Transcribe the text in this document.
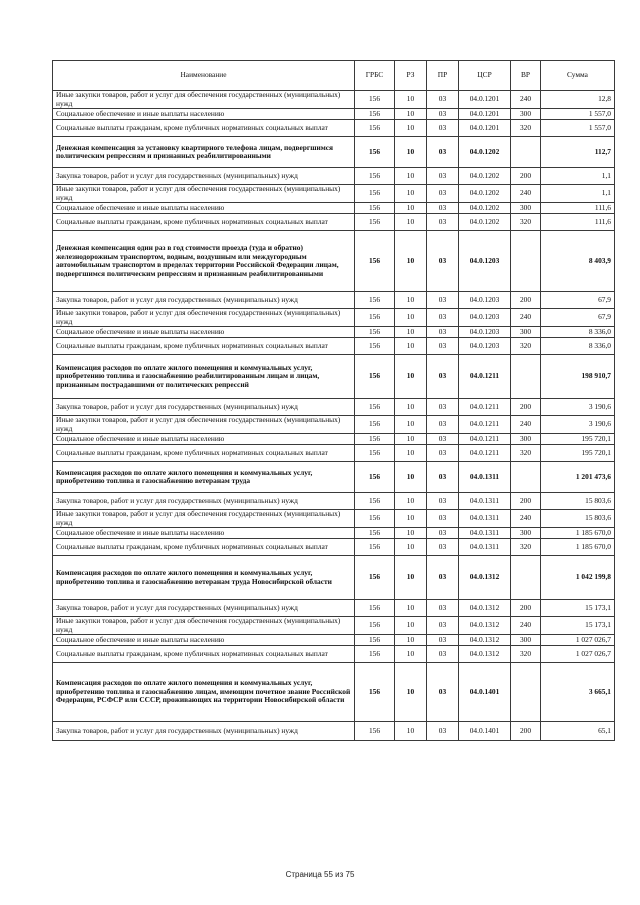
Наименование	ГРБС	РЗ	ПР	ЦСР	ВР	Сумма
Иные закупки товаров, работ и услуг для обеспечения государственных (муниципальных) нужд	156	10	03	04.0.1201	240	12,8
Социальное обеспечение и иные выплаты населению	156	10	03	04.0.1201	300	1 557,0
Социальные выплаты гражданам, кроме публичных нормативных социальных выплат	156	10	03	04.0.1201	320	1 557,0
Денежная компенсация за установку квартирного телефона лицам, подвергшимся политическим репрессиям и признанных реабилитированными	156	10	03	04.0.1202		112,7
Закупка товаров, работ и услуг для государственных (муниципальных) нужд	156	10	03	04.0.1202	200	1,1
Иные закупки товаров, работ и услуг для обеспечения государственных (муниципальных) нужд	156	10	03	04.0.1202	240	1,1
Социальное обеспечение и иные выплаты населению	156	10	03	04.0.1202	300	111,6
Социальные выплаты гражданам, кроме публичных нормативных социальных выплат	156	10	03	04.0.1202	320	111,6
Денежная компенсация один раз в год стоимости проезда (туда и обратно) железнодорожным транспортом, водным, воздушным или междугородным автомобильным транспортом в пределах территории Российской Федерации лицам, подвергшимся политическим репрессиям и признанным реабилитированными	156	10	03	04.0.1203		8 403,9
Закупка товаров, работ и услуг для государственных (муниципальных) нужд	156	10	03	04.0.1203	200	67,9
Иные закупки товаров, работ и услуг для обеспечения государственных (муниципальных) нужд	156	10	03	04.0.1203	240	67,9
Социальное обеспечение и иные выплаты населению	156	10	03	04.0.1203	300	8 336,0
Социальные выплаты гражданам, кроме публичных нормативных социальных выплат	156	10	03	04.0.1203	320	8 336,0
Компенсация расходов по оплате жилого помещения и коммунальных услуг, приобретению топлива и газоснабжению реабилитированным лицам и лицам, признанным пострадавшими от политических репрессий	156	10	03	04.0.1211		198 910,7
Закупка товаров, работ и услуг для государственных (муниципальных) нужд	156	10	03	04.0.1211	200	3 190,6
Иные закупки товаров, работ и услуг для обеспечения государственных (муниципальных) нужд	156	10	03	04.0.1211	240	3 190,6
Социальное обеспечение и иные выплаты населению	156	10	03	04.0.1211	300	195 720,1
Социальные выплаты гражданам, кроме публичных нормативных социальных выплат	156	10	03	04.0.1211	320	195 720,1
Компенсация расходов по оплате жилого помещения и коммунальных услуг, приобретению топлива и газоснабжению ветеранам труда	156	10	03	04.0.1311		1 201 473,6
Закупка товаров, работ и услуг для государственных (муниципальных) нужд	156	10	03	04.0.1311	200	15 803,6
Иные закупки товаров, работ и услуг для обеспечения государственных (муниципальных) нужд	156	10	03	04.0.1311	240	15 803,6
Социальное обеспечение и иные выплаты населению	156	10	03	04.0.1311	300	1 185 670,0
Социальные выплаты гражданам, кроме публичных нормативных социальных выплат	156	10	03	04.0.1311	320	1 185 670,0
Компенсация расходов по оплате жилого помещения и коммунальных услуг, приобретению топлива и газоснабжению ветеранам труда Новосибирской области	156	10	03	04.0.1312		1 042 199,8
Закупка товаров, работ и услуг для государственных (муниципальных) нужд	156	10	03	04.0.1312	200	15 173,1
Иные закупки товаров, работ и услуг для обеспечения государственных (муниципальных) нужд	156	10	03	04.0.1312	240	15 173,1
Социальное обеспечение и иные выплаты населению	156	10	03	04.0.1312	300	1 027 026,7
Социальные выплаты гражданам, кроме публичных нормативных социальных выплат	156	10	03	04.0.1312	320	1 027 026,7
Компенсация расходов по оплате жилого помещения и коммунальных услуг, приобретению топлива и газоснабжению лицам, имеющим почетное звание Российской Федерации, РСФСР или СССР, проживающих на территории Новосибирской области	156	10	03	04.0.1401		3 665,1
Закупка товаров, работ и услуг для государственных (муниципальных) нужд	156	10	03	04.0.1401	200	65,1
Страница 55 из 75
